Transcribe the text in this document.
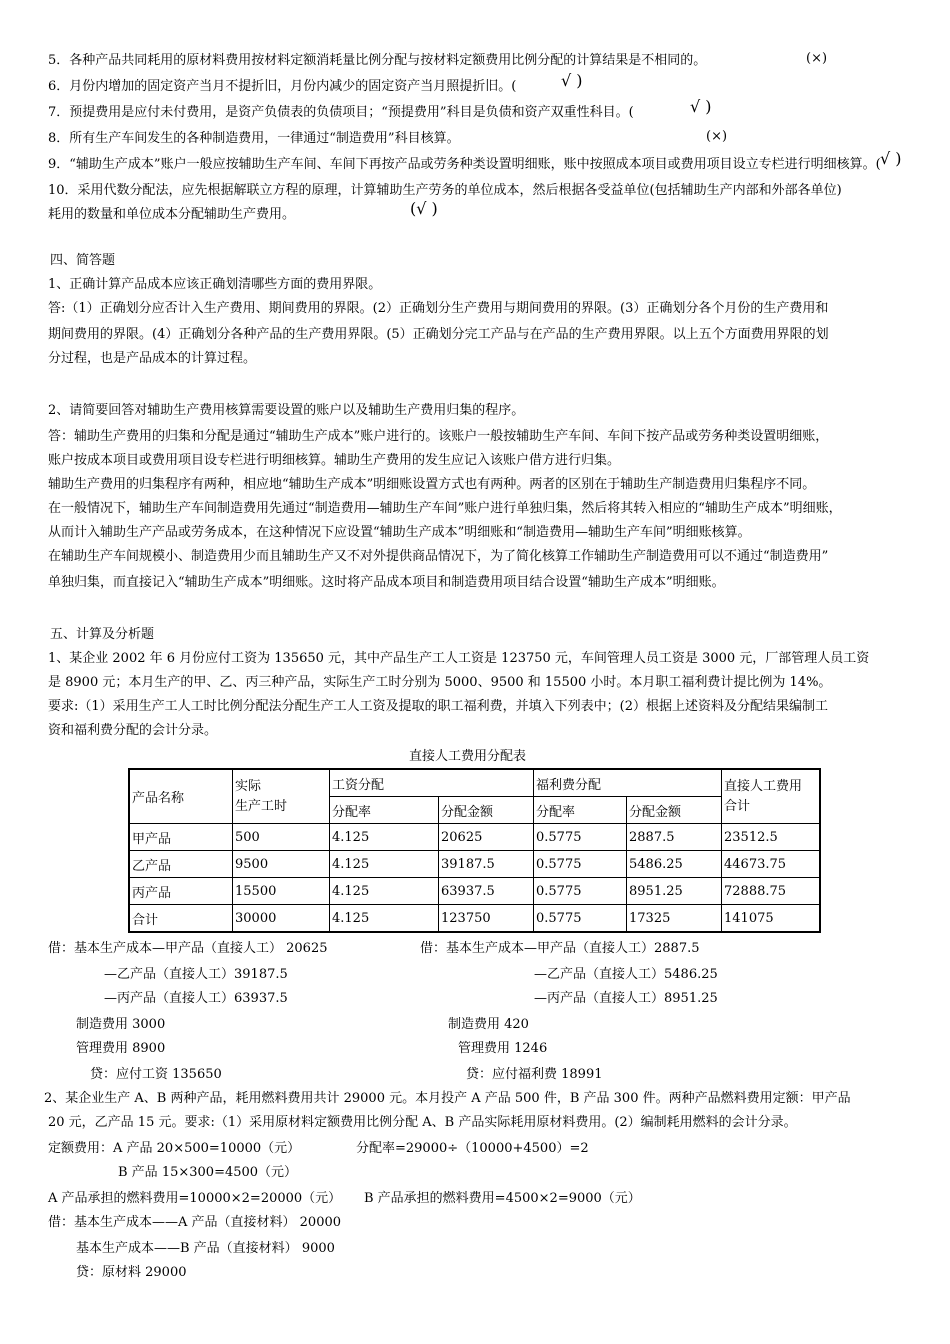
5．各种产品共同耗用的原材料费用按材料定额消耗量比例分配与按材料定额费用比例分配的计算结果是不相同的。	(×)
6．月份内增加的固定资产当月不提折旧，月份内减少的固定资产当月照提折旧。(	√ )
7．预提费用是应付未付费用，是资产负债表的负债项目；“预提费用”科目是负债和资产双重性科目。(	√ )
8．所有生产车间发生的各种制造费用，一律通过“制造费用”科目核算。	(×)
9．“辅助生产成本”账户一般应按辅助生产车间、车间下再按产品或劳务种类设置明细账，账中按照成本项目或费用项目设立专栏进行明细核算。( √ )
10．采用代数分配法，应先根据解联立方程的原理，计算辅助生产劳务的单位成本，然后根据各受益单位(包括辅助生产内部和外部各单位)
耗用的数量和单位成本分配辅助生产费用。	(√ )
四、简答题
1、正确计算产品成本应该正确划清哪些方面的费用界限。
答:（1）正确划分应否计入生产费用、期间费用的界限。(2）正确划分生产费用与期间费用的界限。(3）正确划分各个月份的生产费用和
期间费用的界限。(4）正确划分各种产品的生产费用界限。(5）正确划分完工产品与在产品的生产费用界限。以上五个方面费用界限的划
分过程，也是产品成本的计算过程。
2、请简要回答对辅助生产费用核算需要设置的账户以及辅助生产费用归集的程序。
答：辅助生产费用的归集和分配是通过“辅助生产成本”账户进行的。该账户一般按辅助生产车间、车间下按产品或劳务种类设置明细账，
账户按成本项目或费用项目设专栏进行明细核算。辅助生产费用的发生应记入该账户借方进行归集。
辅助生产费用的归集程序有两种，相应地“辅助生产成本”明细账设置方式也有两种。两者的区别在于辅助生产制造费用归集程序不同。
在一般情况下，辅助生产车间制造费用先通过“制造费用—辅助生产车间”账户进行单独归集，然后将其转入相应的“辅助生产成本”明细账，
从而计入辅助生产产品或劳务成本，在这种情况下应设置“辅助生产成本”明细账和“制造费用—辅助生产车间”明细账核算。
在辅助生产车间规模小、制造费用少而且辅助生产又不对外提供商品情况下，为了简化核算工作辅助生产制造费用可以不通过“制造费用”
单独归集，而直接记入“辅助生产成本”明细账。这时将产品成本项目和制造费用项目结合设置“辅助生产成本”明细账。
五、计算及分析题
1、某企业 2002 年 6 月份应付工资为 135650 元，其中产品生产工人工资是 123750 元，车间管理人员工资是 3000 元，厂部管理人员工资
是 8900 元；本月生产的甲、乙、丙三种产品，实际生产工时分别为 5000、9500 和 15500 小时。本月职工福利费计提比例为 14%。
要求:（1）采用生产工人工时比例分配法分配生产工人工资及提取的职工福利费，并填入下列表中；(2）根据上述资料及分配结果编制工
资和福利费分配的会计分录。
直接人工费用分配表
产品名称	实际
生产工时	工资分配		福利费分配		直接人工费用
合计
		分配率	分配金额	分配率	分配金额	
甲产品	500	4.125	20625	0.5775	2887.5	23512.5
乙产品	9500	4.125	39187.5	0.5775	5486.25	44673.75
丙产品	15500	4.125	63937.5	0.5775	8951.25	72888.75
合计	30000	4.125	123750	0.5775	17325	141075
借：基本生产成本—甲产品（直接人工） 20625
—乙产品（直接人工）39187.5
—丙产品（直接人工）63937.5
制造费用 3000
管理费用 8900
贷：应付工资 135650
借：基本生产成本—甲产品（直接人工）2887.5
—乙产品（直接人工）5486.25
—丙产品（直接人工）8951.25
制造费用 420
管理费用 1246
贷：应付福利费 18991
2、某企业生产 A、B 两种产品，耗用燃料费用共计 29000 元。本月投产 A 产品 500 件，B 产品 300 件。两种产品燃料费用定额：甲产品
20 元，乙产品 15 元。要求:（1）采用原材料定额费用比例分配 A、B 产品实际耗用原材料费用。(2）编制耗用燃料的会计分录。
定额费用：A 产品 20×500=10000（元）	分配率=29000÷（10000+4500）=2
B 产品 15×300=4500（元）
A 产品承担的燃料费用=10000×2=20000（元） B 产品承担的燃料费用=4500×2=9000（元）
借：基本生产成本——A 产品（直接材料） 20000
基本生产成本——B 产品（直接材料） 9000
贷：原材料 29000
